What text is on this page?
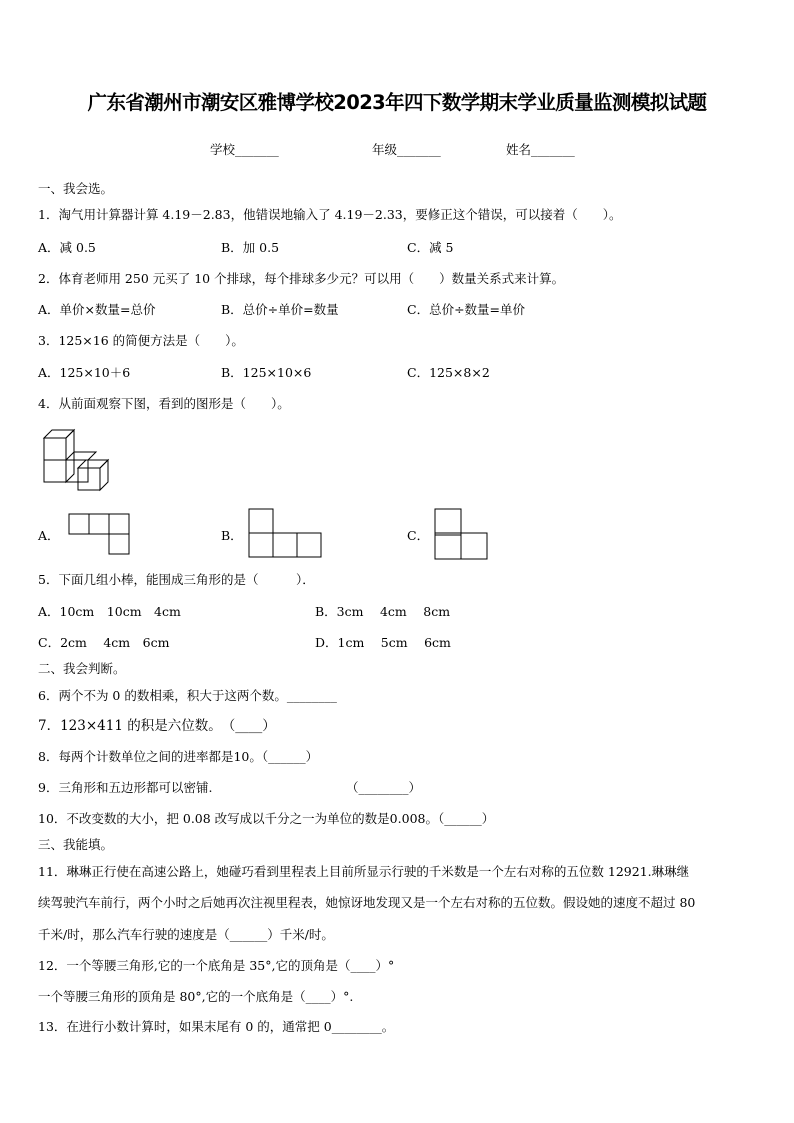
广东省潮州市潮安区雅博学校2023年四下数学期末学业质量监测模拟试题
学校_______	年级_______	姓名_______
一、我会选。
1．淘气用计算器计算 4.19－2.83，他错误地输入了 4.19－2.33，要修正这个错误，可以接着（　　）。
A．减 0.5	B．加 0.5	C．减 5
2．体育老师用 250 元买了 10 个排球，每个排球多少元？可以用（　　）数量关系式来计算。
A．单价×数量=总价	B．总价÷单价=数量	C．总价÷数量=单价
3．125×16 的简便方法是（　　）。
A．125×10＋6	B．125×10×6	C．125×8×2
4．从前面观察下图，看到的图形是（　　）。
A．	B．	C．
5．下面几组小棒，能围成三角形的是（　　　）．
A．10cm　10cm　4cm	B．3cm　 4cm　 8cm
C．2cm　 4cm　6cm	D．1cm　 5cm　 6cm
二、我会判断。
6．两个不为 0 的数相乘，积大于这两个数。________
7．123×411 的积是六位数。　（____）
8．每两个计数单位之间的进率都是10。（______）
9．三角形和五边形都可以密铺.	（________）
10．不改变数的大小，把 0.08 改写成以千分之一为单位的数是0.008。（______）
三、我能填。
11．琳琳正行使在高速公路上，她碰巧看到里程表上目前所显示行驶的千米数是一个左右对称的五位数 12921.琳琳继
续驾驶汽车前行，两个小时之后她再次注视里程表，她惊讶地发现又是一个左右对称的五位数。假设她的速度不超过 80
千米/时，那么汽车行驶的速度是（______）千米/时。
12．一个等腰三角形,它的一个底角是 35°,它的顶角是（____）°
一个等腰三角形的顶角是 80°,它的一个底角是（____）°.
13．在进行小数计算时，如果末尾有 0 的，通常把 0________。
